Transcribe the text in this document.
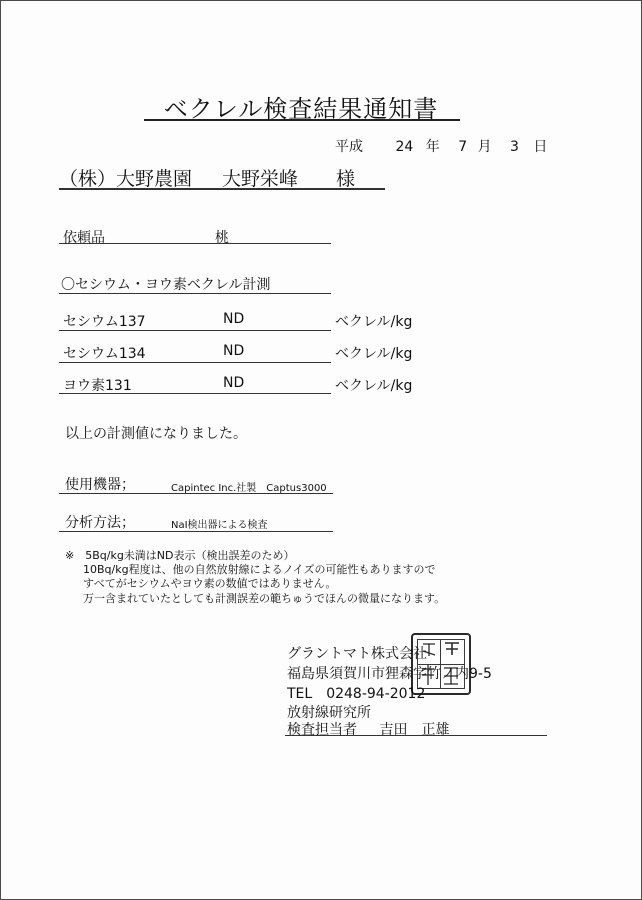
ベクレル検査結果通知書
平成 24 年 7 月 3 日
（株）大野農園 大野栄峰 様
依頼品	桃
〇セシウム・ヨウ素ベクレル計測
セシウム137	ND	ベクレル/kg
セシウム134	ND	ベクレル/kg
ヨウ素131	ND	ベクレル/kg
以上の計測値になりました。
使用機器；	Capintec Inc.社製　Captus3000
分析方法；	NaI検出器による検査
※　5Bq/kg未満はND表示（検出誤差のため）
10Bq/kg程度は、他の自然放射線によるノイズの可能性もありますので
すべてがセシウムやヨウ素の数値ではありません。
万一含まれていたとしても計測誤差の範ちゅうでほんの微量になります。
グラントマト株式会社
福島県須賀川市狸森字竹ノ内9-5
TEL　0248-94-2012
放射線研究所
検査担当者 吉田　正雄
